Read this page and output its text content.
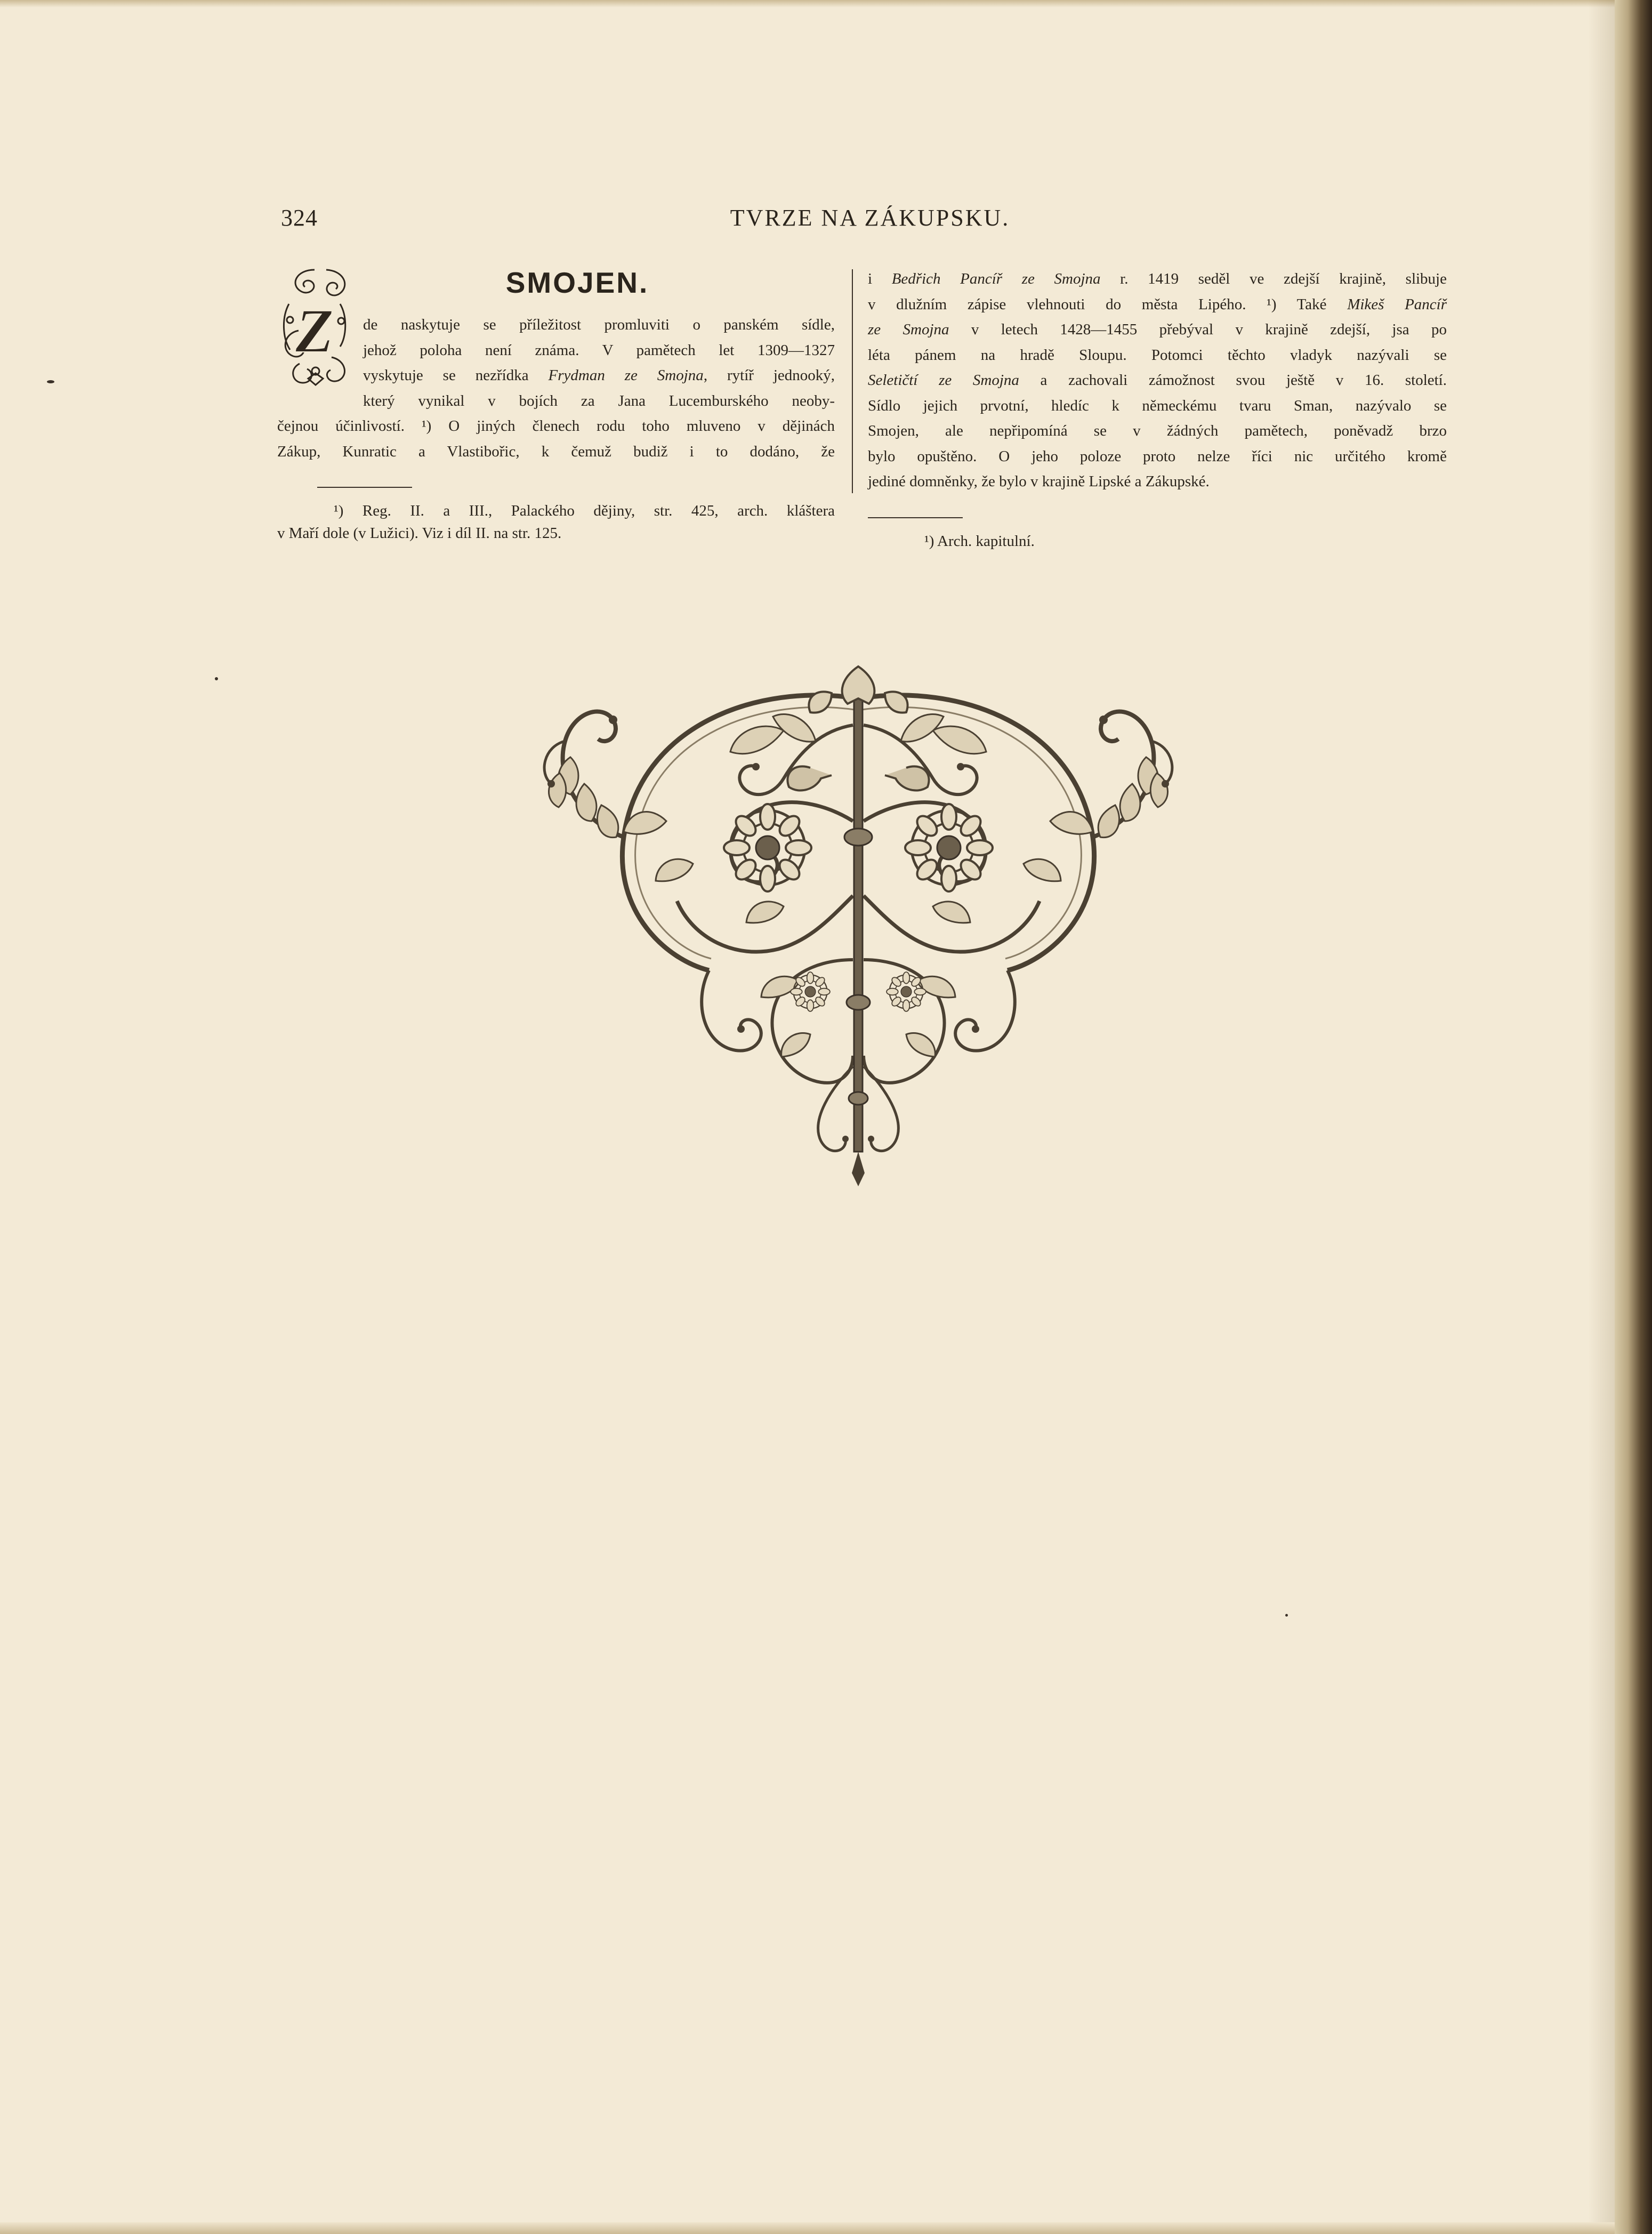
324	TVRZE NA ZÁKUPSKU.
SMOJEN.
Z	de naskytuje se příležitost promluviti o panském sídle,
jehož poloha není známa. V pamětech let 1309—1327
vyskytuje se nezřídka Frydman ze Smojna, rytíř jednooký,
který vynikal v bojích za Jana Lucemburského neoby-
čejnou účinlivostí. ¹) O jiných členech rodu toho mluveno v dějinách
Zákup, Kunratic a Vlastibořic, k čemuž budiž i to dodáno, že

¹) Reg. II. a III., Palackého dějiny, str. 425, arch. kláštera
v Maří dole (v Lužici). Viz i díl II. na str. 125.

i Bedřich Pancíř ze Smojna r. 1419 seděl ve zdejší krajině, slibuje
v dlužním zápise vlehnouti do města Lipého. ¹) Také Mikeš Pancíř
ze Smojna v letech 1428—1455 přebýval v krajině zdejší, jsa po
léta pánem na hradě Sloupu. Potomci těchto vladyk nazývali se
Seletičtí ze Smojna a zachovali zámožnost svou ještě v 16. století.
Sídlo jejich prvotní, hledíc k německému tvaru Sman, nazývalo se
Smojen, ale nepřipomíná se v žádných pamětech, poněvadž brzo
bylo opuštěno. O jeho poloze proto nelze říci nic určitého kromě
jediné domněnky, že bylo v krajině Lipské a Zákupské.

¹) Arch. kapitulní.
